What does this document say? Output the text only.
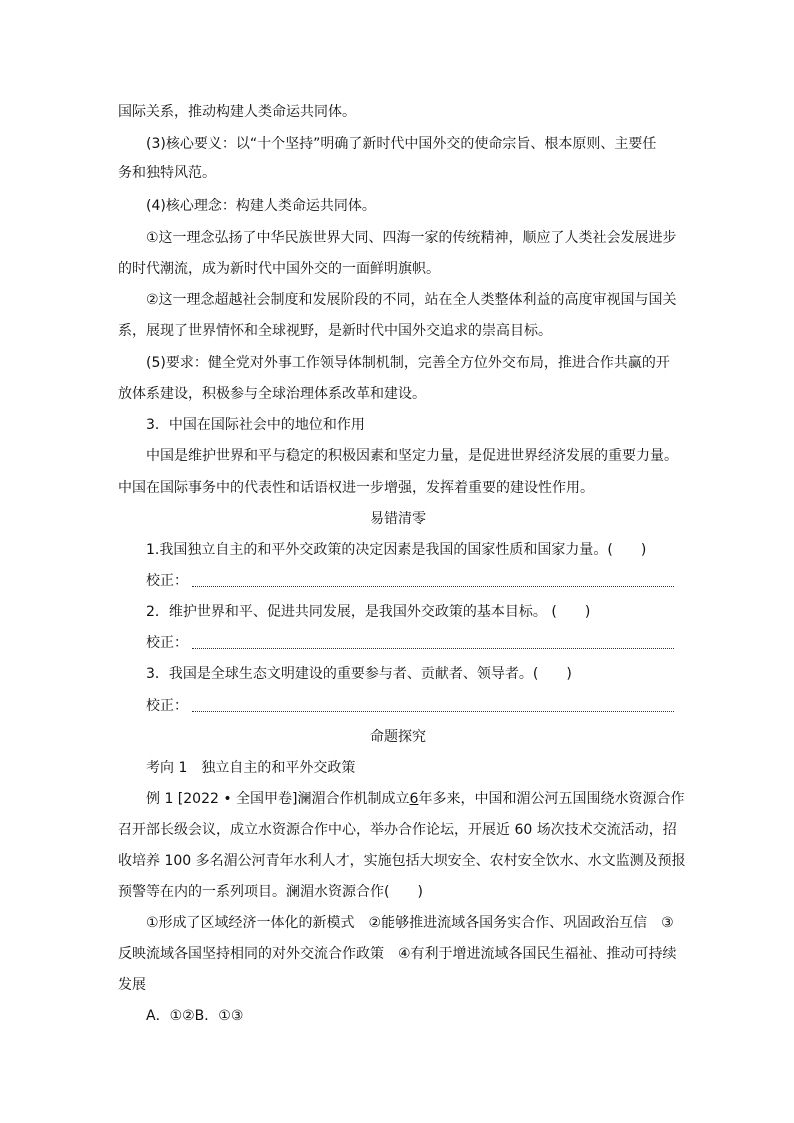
国际关系，推动构建人类命运共同体。
(3)核心要义：以“十个坚持”明确了新时代中国外交的使命宗旨、根本原则、主要任
务和独特风范。
(4)核心理念：构建人类命运共同体。
①这一理念弘扬了中华民族世界大同、四海一家的传统精神，顺应了人类社会发展进步
的时代潮流，成为新时代中国外交的一面鲜明旗帜。
②这一理念超越社会制度和发展阶段的不同，站在全人类整体利益的高度审视国与国关
系，展现了世界情怀和全球视野，是新时代中国外交追求的崇高目标。
(5)要求：健全党对外事工作领导体制机制，完善全方位外交布局，推进合作共赢的开
放体系建设，积极参与全球治理体系改革和建设。
3．中国在国际社会中的地位和作用
中国是维护世界和平与稳定的积极因素和坚定力量，是促进世界经济发展的重要力量。
中国在国际事务中的代表性和话语权进一步增强，发挥着重要的建设性作用。
易错清零
1.我国独立自主的和平外交政策的决定因素是我国的国家性质和国家力量。(　　)
校正：
2．维护世界和平、促进共同发展，是我国外交政策的基本目标。 (　　)
校正：
3．我国是全球生态文明建设的重要参与者、贡献者、领导者。(　　)
校正：
命题探究
考向 1　独立自主的和平外交政策
例 1 [2022 • 全国甲卷]澜湄合作机制成立6年多来，中国和湄公河五国围绕水资源合作
召开部长级会议，成立水资源合作中心，举办合作论坛，开展近 60 场次技术交流活动，招
收培养 100 多名湄公河青年水利人才，实施包括大坝安全、农村安全饮水、水文监测及预报
预警等在内的一系列项目。澜湄水资源合作(　　)
①形成了区域经济一体化的新模式　②能够推进流域各国务实合作、巩固政治互信　③
反映流域各国坚持相同的对外交流合作政策　④有利于增进流域各国民生福祉、推动可持续
发展
A．①②B．①③
